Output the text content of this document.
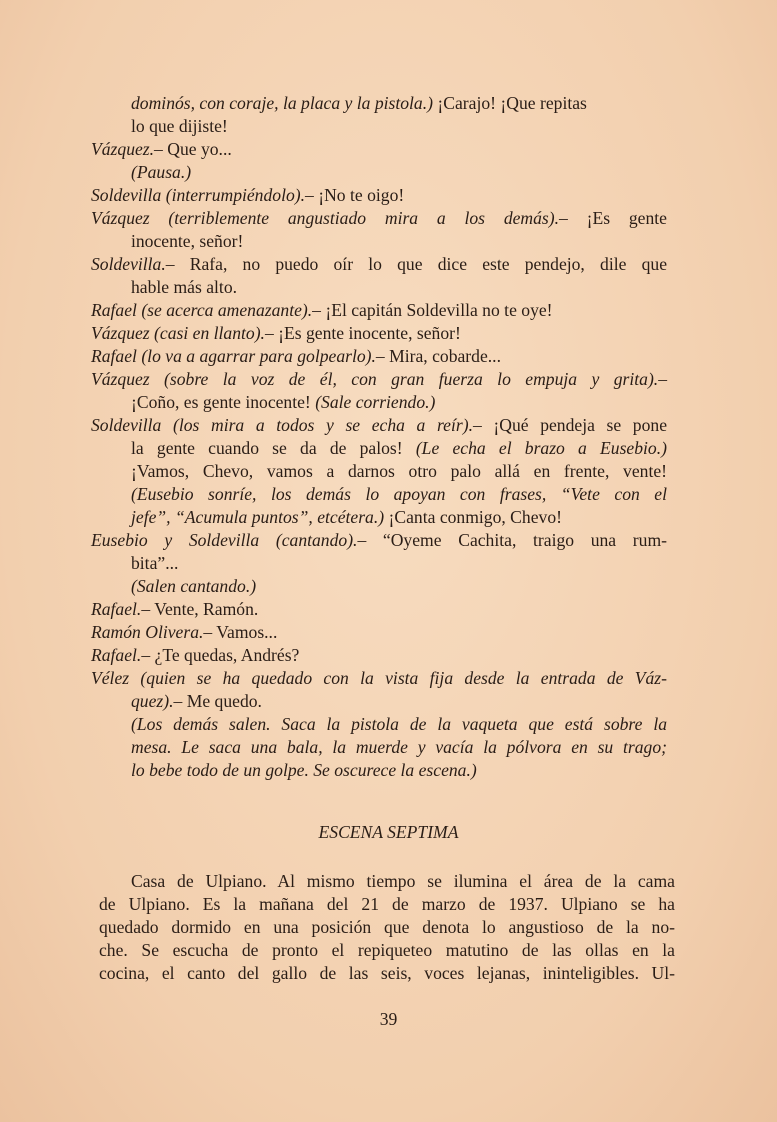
dominós, con coraje, la placa y la pistola.) ¡Carajo! ¡Que repitas
lo que dijiste!
Vázquez.– Que yo...
(Pausa.)
Soldevilla (interrumpiéndolo).– ¡No te oigo!
Vázquez (terriblemente angustiado mira a los demás).– ¡Es gente
inocente, señor!
Soldevilla.– Rafa, no puedo oír lo que dice este pendejo, dile que
hable más alto.
Rafael (se acerca amenazante).– ¡El capitán Soldevilla no te oye!
Vázquez (casi en llanto).– ¡Es gente inocente, señor!
Rafael (lo va a agarrar para golpearlo).– Mira, cobarde...
Vázquez (sobre la voz de él, con gran fuerza lo empuja y grita).–
¡Coño, es gente inocente! (Sale corriendo.)
Soldevilla (los mira a todos y se echa a reír).– ¡Qué pendeja se pone
la gente cuando se da de palos! (Le echa el brazo a Eusebio.)
¡Vamos, Chevo, vamos a darnos otro palo allá en frente, vente!
(Eusebio sonríe, los demás lo apoyan con frases, “Vete con el
jefe”, “Acumula puntos”, etcétera.) ¡Canta conmigo, Chevo!
Eusebio y Soldevilla (cantando).– “Oyeme Cachita, traigo una rum-
bita”...
(Salen cantando.)
Rafael.– Vente, Ramón.
Ramón Olivera.– Vamos...
Rafael.– ¿Te quedas, Andrés?
Vélez (quien se ha quedado con la vista fija desde la entrada de Váz-
quez).– Me quedo.
(Los demás salen. Saca la pistola de la vaqueta que está sobre la
mesa. Le saca una bala, la muerde y vacía la pólvora en su trago;
lo bebe todo de un golpe. Se oscurece la escena.)
ESCENA SEPTIMA
Casa de Ulpiano. Al mismo tiempo se ilumina el área de la cama
de Ulpiano. Es la mañana del 21 de marzo de 1937. Ulpiano se ha
quedado dormido en una posición que denota lo angustioso de la no-
che. Se escucha de pronto el repiqueteo matutino de las ollas en la
cocina, el canto del gallo de las seis, voces lejanas, ininteligibles. Ul-
39
